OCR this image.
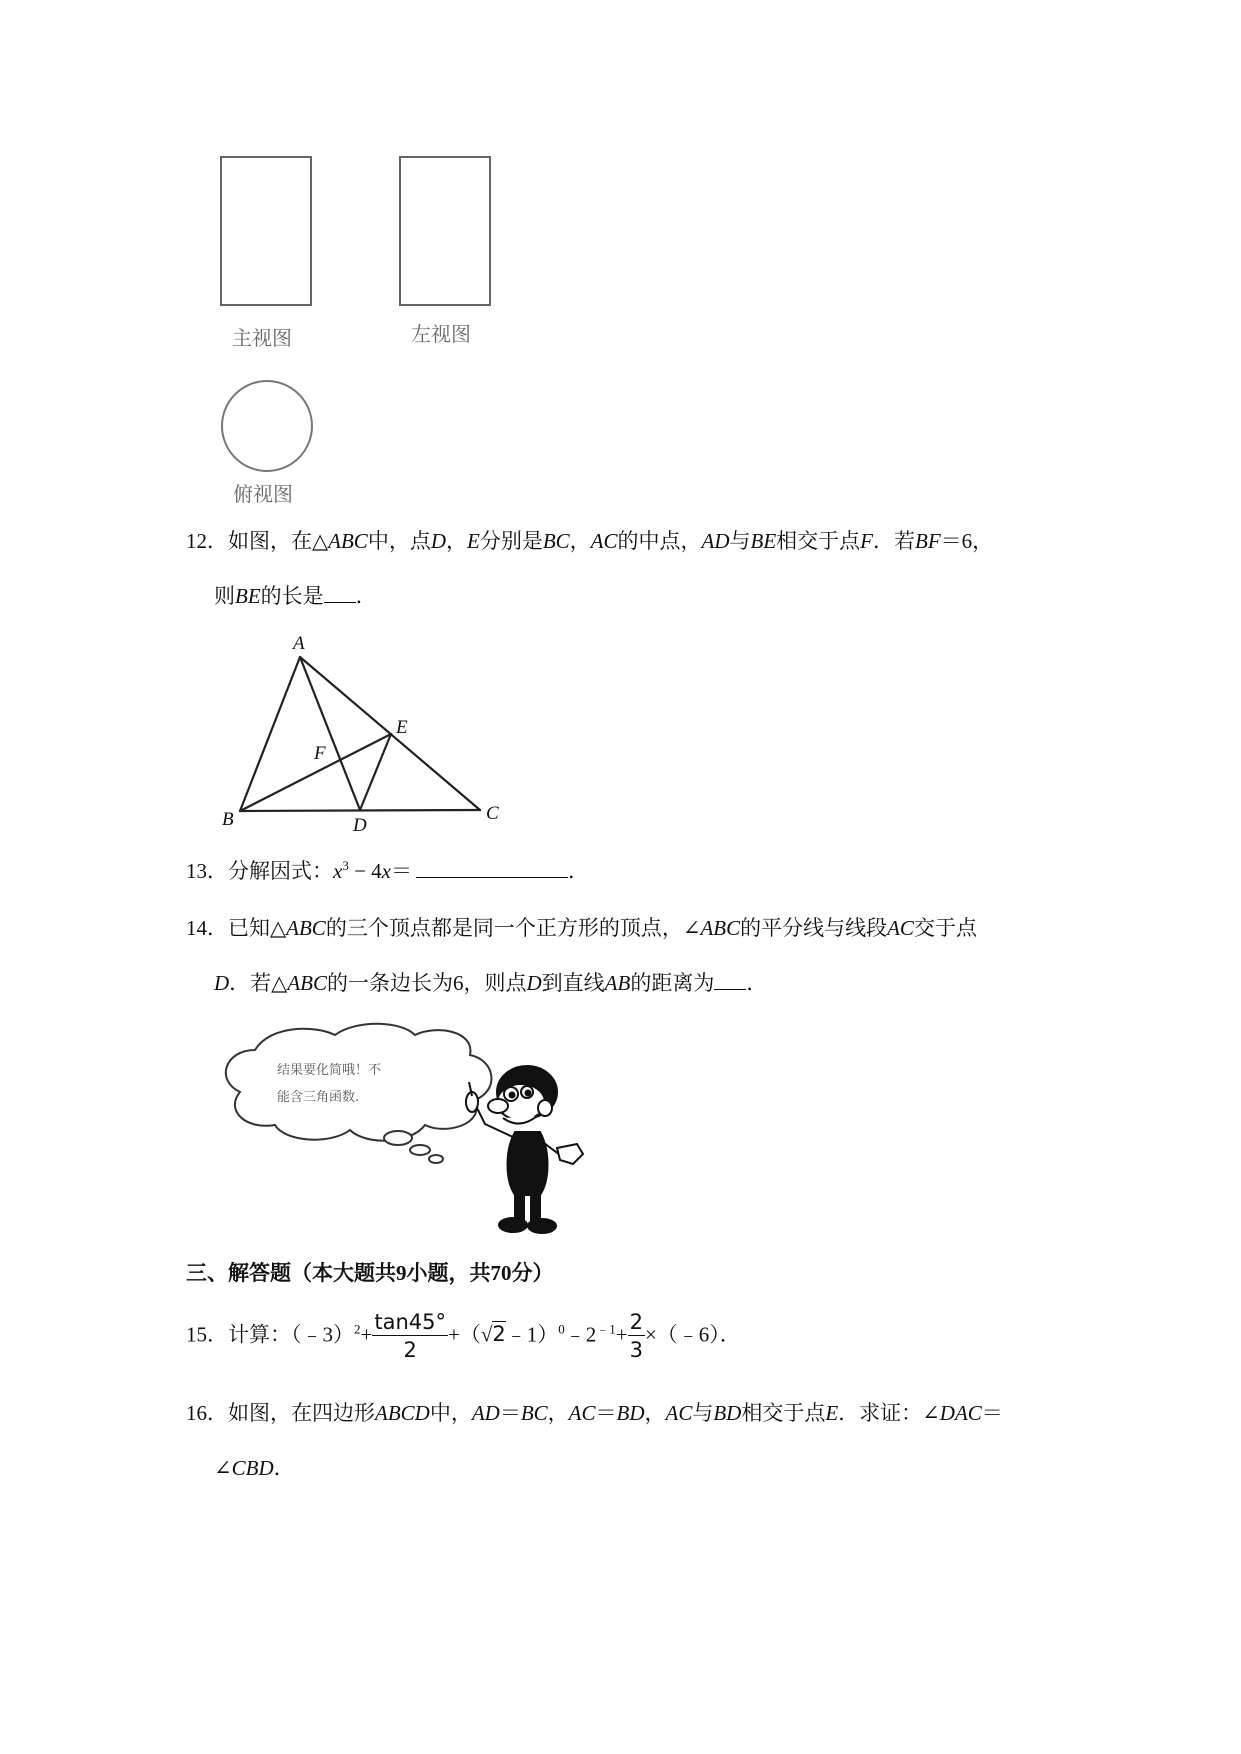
主视图	左视图
俯视图
12．如图，在△ABC中，点D，E分别是BC，AC的中点，AD与BE相交于点F．若BF＝6，
则BE的长是 ．
A
B	C
D
E
F
13．分解因式：$x^3 - 4x=$	．
14．已知△ABC的三个顶点都是同一个正方形的顶点，∠ABC的平分线与线段AC交于点
D．若△ABC的一条边长为6，则点D到直线AB的距离为 ．
结果要化简哦！不
能含三角函数.
三、解答题（本大题共9小题，共70分）
15．计算：（﹣3）$^2$+ $\frac{\tan 45^\circ}{2}$ $+(√2﹣1)^0﹣2^{﹣1}+ \frac{2}{3}$ ×（﹣6）．
16．如图，在四边形ABCD中，AD＝BC，AC＝BD，AC与BD相交于点E．求证：∠DAC＝
∠CBD．
